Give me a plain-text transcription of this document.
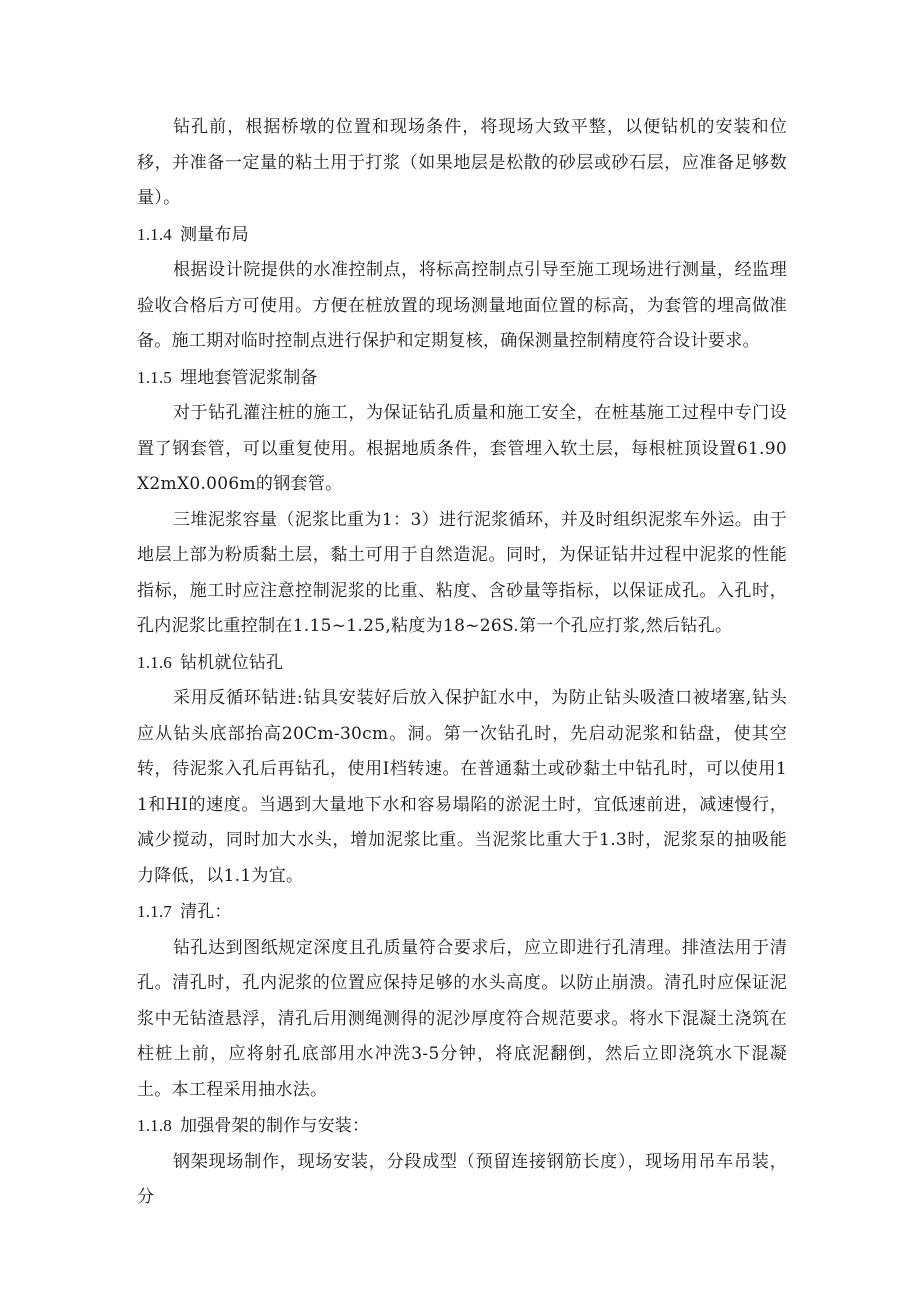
钻孔前，根据桥墩的位置和现场条件，将现场大致平整，以便钻机的安装和位移，并准备一定量的粘土用于打浆（如果地层是松散的砂层或砂石层，应准备足够数量）。

1.1.4 测量布局

根据设计院提供的水准控制点，将标高控制点引导至施工现场进行测量，经监理验收合格后方可使用。方便在桩放置的现场测量地面位置的标高，为套管的埋高做准备。施工期对临时控制点进行保护和定期复核，确保测量控制精度符合设计要求。

1.1.5 埋地套管泥浆制备

对于钻孔灌注桩的施工，为保证钻孔质量和施工安全，在桩基施工过程中专门设置了钢套管，可以重复使用。根据地质条件，套管埋入软土层，每根桩顶设置61.90X2mX0.006m的钢套管。

三堆泥浆容量（泥浆比重为1：3）进行泥浆循环，并及时组织泥浆车外运。由于地层上部为粉质黏土层，黏土可用于自然造泥。同时，为保证钻井过程中泥浆的性能指标，施工时应注意控制泥浆的比重、粘度、含砂量等指标，以保证成孔。入孔时，孔内泥浆比重控制在1.15~1.25,粘度为18~26S.第一个孔应打浆,然后钻孔。

1.1.6 钻机就位钻孔

采用反循环钻进:钻具安装好后放入保护缸水中，为防止钻头吸渣口被堵塞,钻头应从钻头底部抬高20Cm-30cm。洞。第一次钻孔时，先启动泥浆和钻盘，使其空转，待泥浆入孔后再钻孔，使用I档转速。在普通黏土或砂黏土中钻孔时，可以使用11和HI的速度。当遇到大量地下水和容易塌陷的淤泥土时，宜低速前进，减速慢行，减少搅动，同时加大水头，增加泥浆比重。当泥浆比重大于1.3时，泥浆泵的抽吸能力降低，以1.1为宜。

1.1.7 清孔：

钻孔达到图纸规定深度且孔质量符合要求后，应立即进行孔清理。排渣法用于清孔。清孔时，孔内泥浆的位置应保持足够的水头高度。以防止崩溃。清孔时应保证泥浆中无钻渣悬浮，清孔后用测绳测得的泥沙厚度符合规范要求。将水下混凝土浇筑在柱桩上前，应将射孔底部用水冲洗3-5分钟，将底泥翻倒，然后立即浇筑水下混凝土。本工程采用抽水法。

1.1.8 加强骨架的制作与安装：

钢架现场制作，现场安装，分段成型（预留连接钢筋长度），现场用吊车吊装，分
